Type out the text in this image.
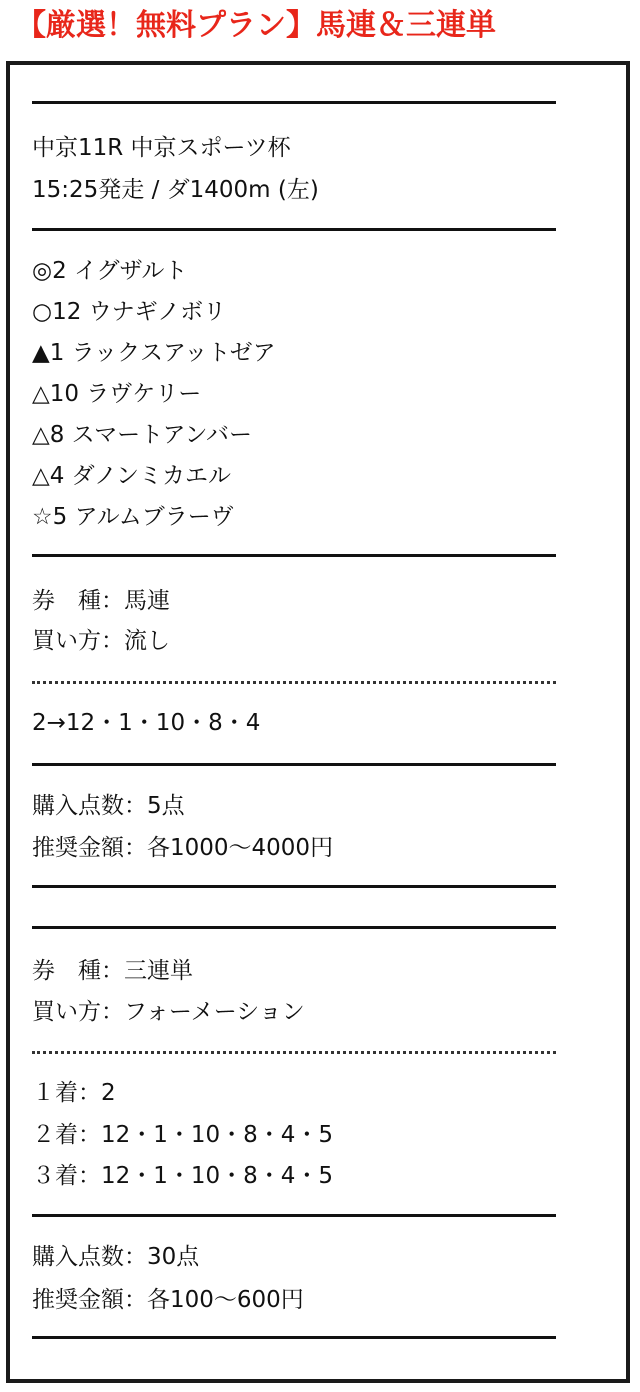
【厳選！無料プラン】馬連＆三連単
中京11R 中京スポーツ杯
15:25発走 / ダ1400m (左)
◎2 イグザルト
○12 ウナギノボリ
▲1 ラックスアットゼア
△10 ラヴケリー
△8 スマートアンバー
△4 ダノンミカエル
☆5 アルムブラーヴ
券　種：馬連
買い方：流し
2→12・1・10・8・4
購入点数：5点
推奨金額：各1000～4000円
券　種：三連単
買い方：フォーメーション
１着：2
２着：12・1・10・8・4・5
３着：12・1・10・8・4・5
購入点数：30点
推奨金額：各100～600円
